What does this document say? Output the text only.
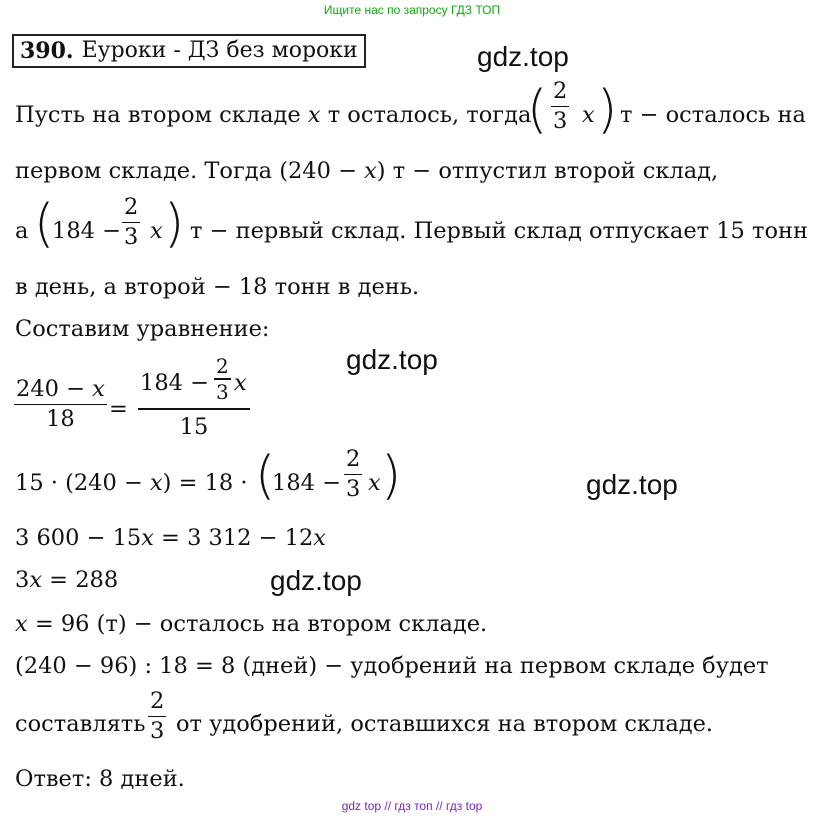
Ищите нас по запросу ГДЗ ТОП
390. Еуроки - ДЗ без мороки	gdz.top
gdz.top
gdz.top
gdz.top
Пусть на втором складе x т осталось, тогда
( 2
3 x ) т − осталось на
первом складе. Тогда (240 − x) т − отпустил второй склад,
а (
184 −
2
3 x ) т − первый склад. Первый склад отпускает 15 тонн
в день, а второй − 18 тонн в день.
Составим уравнение:
240 − x
18 =
184 −
2
3 x
15
15 · (240 − x) = 18 · (
184 −
2
3 x )
3 600 − 15x = 3 312 − 12x
3x = 288
x = 96 (т) − осталось на втором складе.
(240 − 96) : 18 = 8 (дней) − удобрений на первом складе будет
составлять
2
3 от удобрений, оставшихся на втором складе.
Ответ: 8 дней.
gdz top // гдз топ // гдз top
